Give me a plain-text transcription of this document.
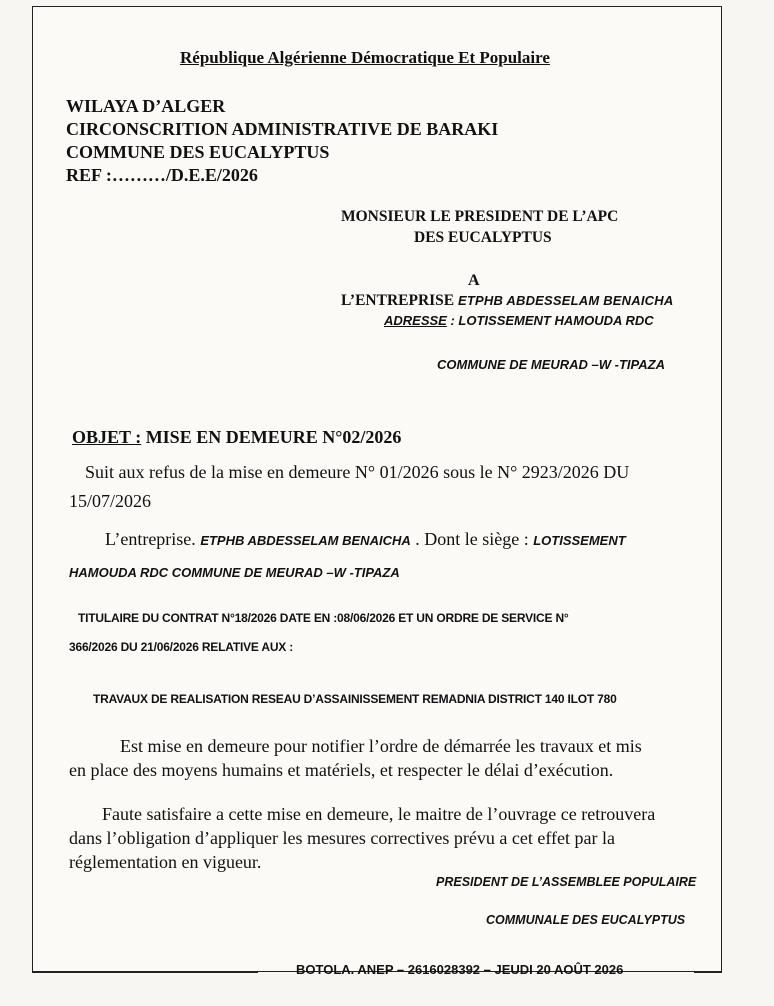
République Algérienne Démocratique Et Populaire
WILAYA D’ALGER
CIRCONSCRITION ADMINISTRATIVE DE BARAKI
COMMUNE DES EUCALYPTUS
REF :………/D.E.E/2026
MONSIEUR LE PRESIDENT DE L’APC
DES EUCALYPTUS
A
L’ENTREPRISE ETPHB ABDESSELAM BENAICHA
ADRESSE : LOTISSEMENT HAMOUDA RDC
COMMUNE DE MEURAD –W -TIPAZA
OBJET : MISE EN DEMEURE N°02/2026
Suit aux refus de la mise en demeure N° 01/2026 sous le N° 2923/2026 DU
15/07/2026
L’entreprise. ETPHB ABDESSELAM BENAICHA . Dont le siège : LOTISSEMENT
HAMOUDA RDC COMMUNE DE MEURAD –W -TIPAZA
TITULAIRE DU CONTRAT N°18/2026 DATE EN :08/06/2026 ET UN ORDRE DE SERVICE N°
366/2026 DU 21/06/2026 RELATIVE AUX :
TRAVAUX DE REALISATION RESEAU D’ASSAINISSEMENT REMADNIA DISTRICT 140 ILOT 780
Est mise en demeure pour notifier l’ordre de démarrée les travaux et mis
en place des moyens humains et matériels, et respecter le délai d’exécution.
Faute satisfaire a cette mise en demeure, le maitre de l’ouvrage ce retrouvera
dans l’obligation d’appliquer les mesures correctives prévu a cet effet par la
réglementation en vigueur.
PRESIDENT DE L’ASSEMBLEE POPULAIRE
COMMUNALE DES EUCALYPTUS
BOTOLA. ANEP – 2616028392 – JEUDI 20 AOÛT 2026
